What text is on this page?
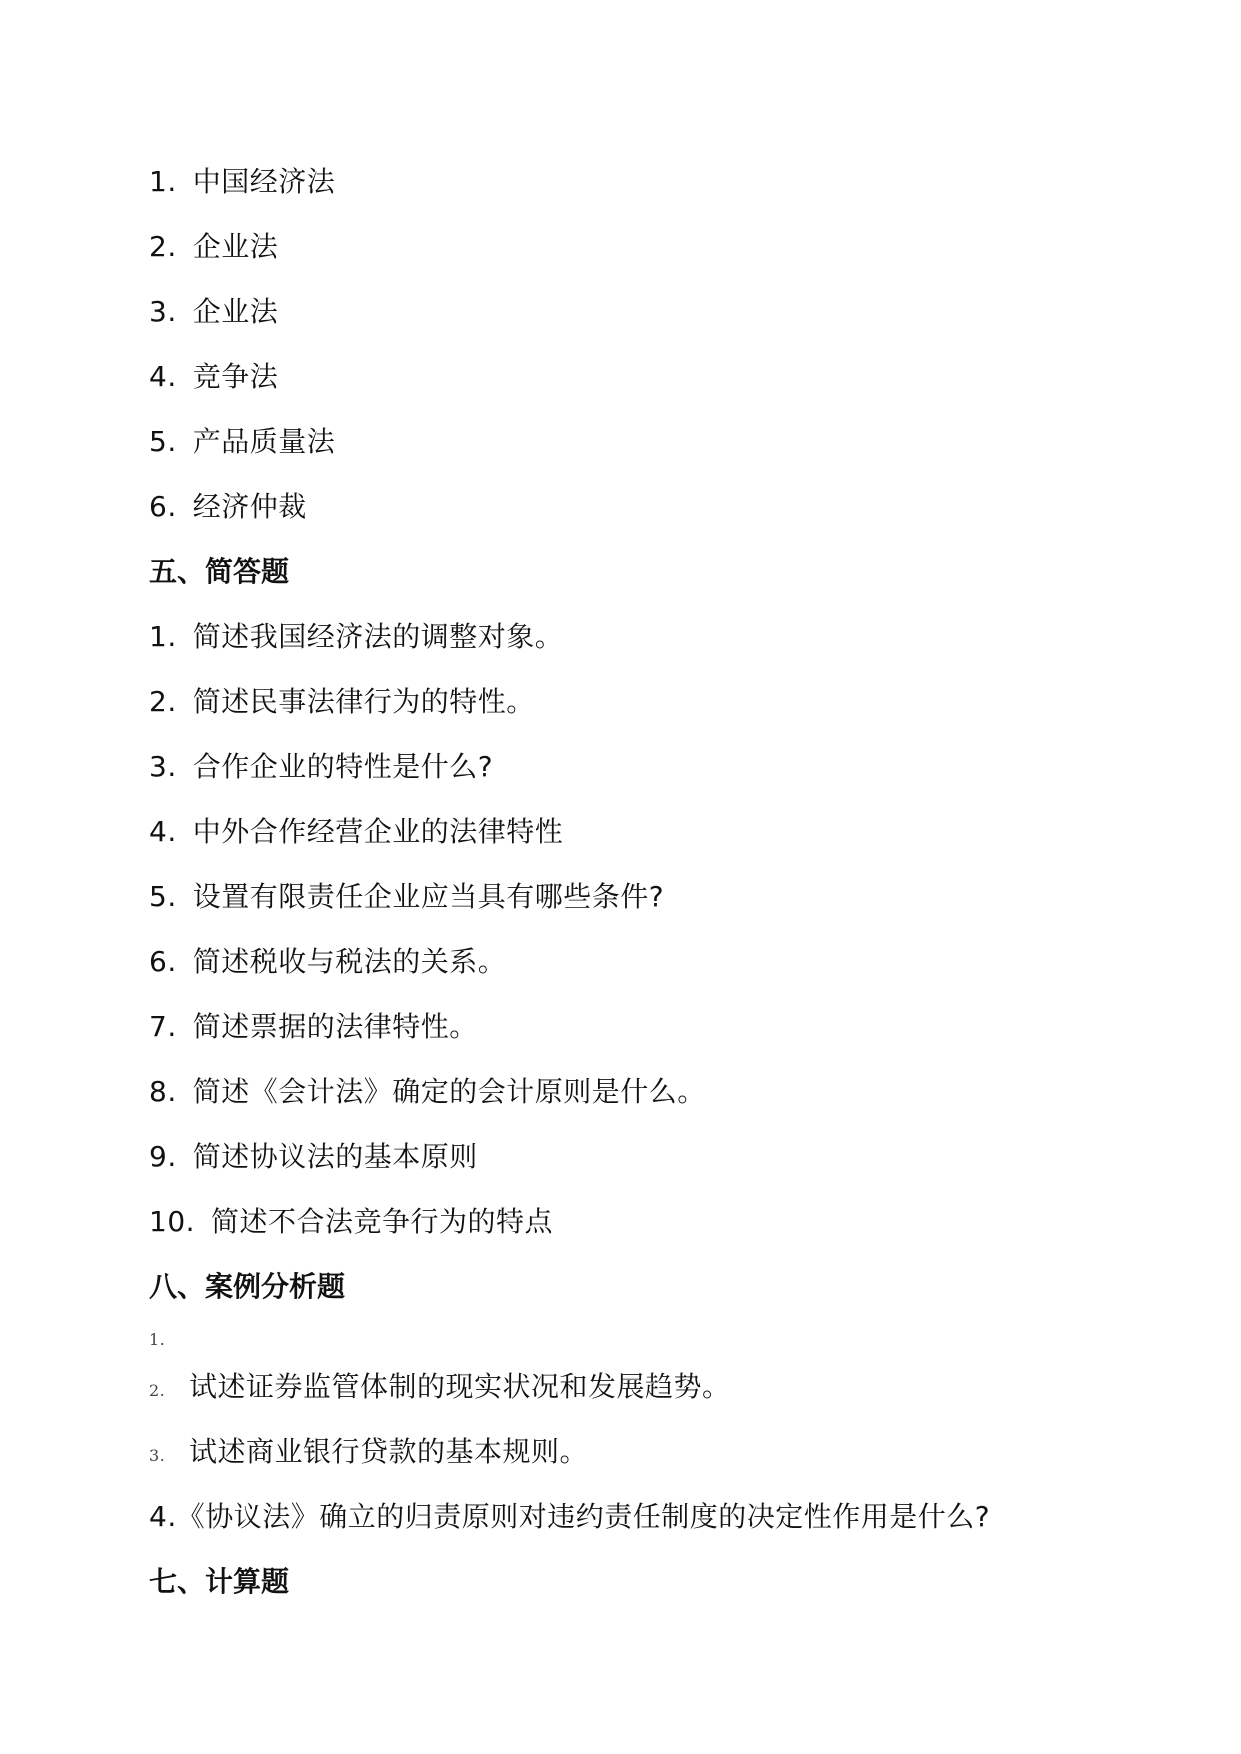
1. 中国经济法
2. 企业法
3. 企业法
4. 竞争法
5. 产品质量法
6. 经济仲裁
五、简答题
1. 简述我国经济法的调整对象。
2. 简述民事法律行为的特性。
3. 合作企业的特性是什么?
4. 中外合作经营企业的法律特性
5. 设置有限责任企业应当具有哪些条件?
6. 简述税收与税法的关系。
7. 简述票据的法律特性。
8. 简述《会计法》确定的会计原则是什么。
9. 简述协议法的基本原则
10. 简述不合法竞争行为的特点
八、案例分析题
1.
2. 试述证券监管体制的现实状况和发展趋势。
3. 试述商业银行贷款的基本规则。
4.《协议法》确立的归责原则对违约责任制度的决定性作用是什么?
七、计算题
